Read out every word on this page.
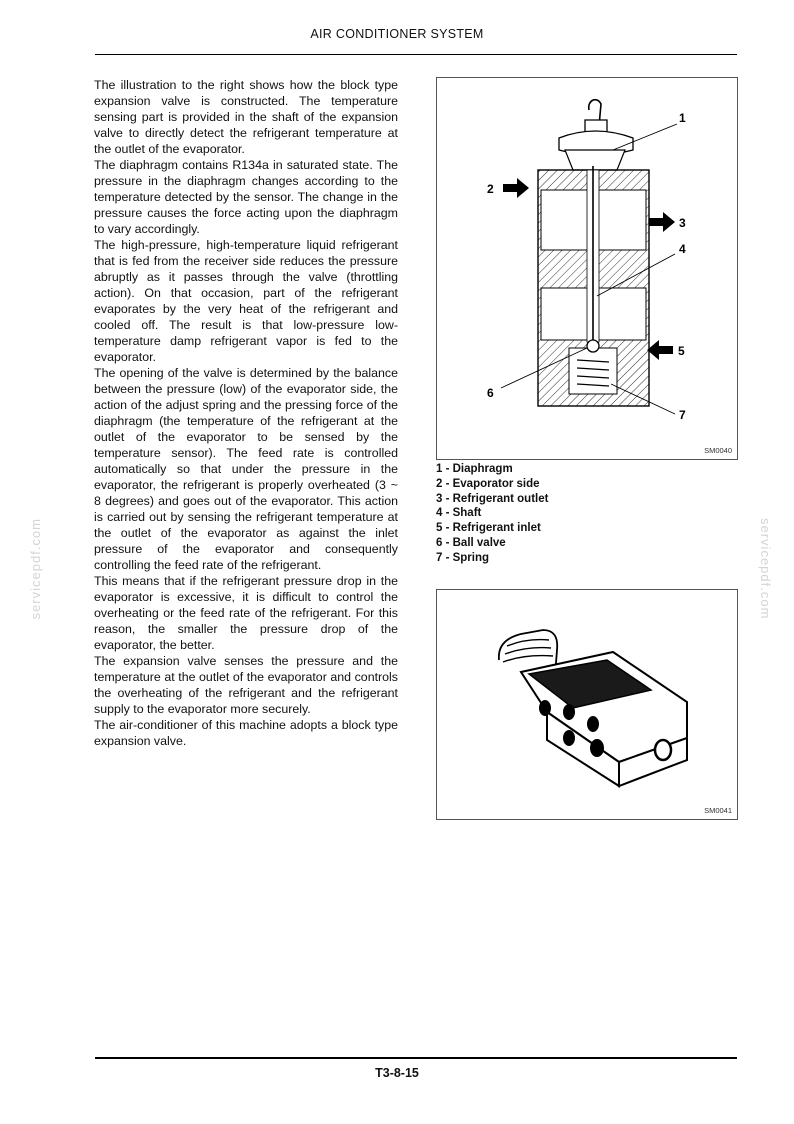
AIR CONDITIONER SYSTEM

The illustration to the right shows how the block type expansion valve is constructed. The temperature sensing part is provided in the shaft of the expansion valve to directly detect the refrigerant temperature at the outlet of the evaporator.

The diaphragm contains R134a in saturated state. The pressure in the diaphragm changes according to the temperature detected by the sensor. The change in the pressure causes the force acting upon the diaphragm to vary accordingly.

The high-pressure, high-temperature liquid refrigerant that is fed from the receiver side reduces the pressure abruptly as it passes through the valve (throttling action). On that occasion, part of the refrigerant evaporates by the very heat of the refrigerant and cooled off. The result is that low-pressure low-temperature damp refrigerant vapor is fed to the evaporator.

The opening of the valve is determined by the balance between the pressure (low) of the evaporator side, the action of the adjust spring and the pressing force of the diaphragm (the temperature of the refrigerant at the outlet of the evaporator to be sensed by the temperature sensor). The feed rate is controlled automatically so that under the pressure in the evaporator, the refrigerant is properly overheated (3 ~ 8 degrees) and goes out of the evaporator. This action is carried out by sensing the refrigerant temperature at the outlet of the evaporator as against the inlet pressure of the evaporator and consequently controlling the feed rate of the refrigerant.

This means that if the refrigerant pressure drop in the evaporator is excessive, it is difficult to control the overheating or the feed rate of the refrigerant. For this reason, the smaller the pressure drop of the evaporator, the better.

The expansion valve senses the pressure and the temperature at the outlet of the evaporator and controls the overheating of the refrigerant and the refrigerant supply to the evaporator more securely.

The air-conditioner of this machine adopts a block type expansion valve.

1
2
3
4
5
6
7
SM0040
1 - Diaphragm
2 - Evaporator side
3 - Refrigerant outlet
4 - Shaft
5 - Refrigerant inlet
6 - Ball valve
7 - Spring
SM0041
servicepdf.com	servicepdf.com
T3-8-15
